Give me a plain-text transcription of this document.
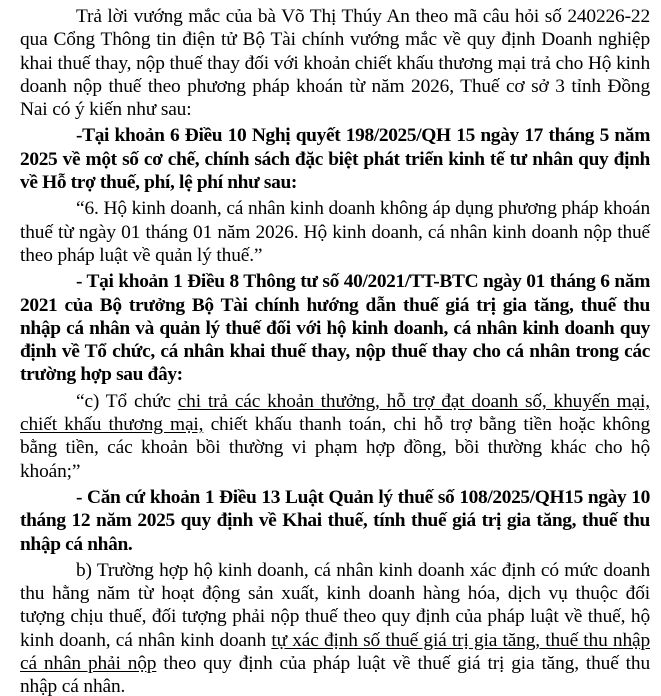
Trả lời vướng mắc của bà Võ Thị Thúy An theo mã câu hỏi số 240226-22 qua Cổng Thông tin điện tử Bộ Tài chính vướng mắc về quy định Doanh nghiệp khai thuế thay, nộp thuế thay đối với khoản chiết khấu thương mại trả cho Hộ kinh doanh nộp thuế theo phương pháp khoán từ năm 2026, Thuế cơ sở 3 tỉnh Đồng Nai có ý kiến như sau:

-Tại khoản 6 Điều 10 Nghị quyết 198/2025/QH 15 ngày 17 tháng 5 năm 2025 về một số cơ chế, chính sách đặc biệt phát triển kinh tế tư nhân quy định về Hỗ trợ thuế, phí, lệ phí như sau:

“6. Hộ kinh doanh, cá nhân kinh doanh không áp dụng phương pháp khoán thuế từ ngày 01 tháng 01 năm 2026. Hộ kinh doanh, cá nhân kinh doanh nộp thuế theo pháp luật về quản lý thuế.”

- Tại khoản 1 Điều 8 Thông tư số 40/2021/TT-BTC ngày 01 tháng 6 năm 2021 của Bộ trưởng Bộ Tài chính hướng dẫn thuế giá trị gia tăng, thuế thu nhập cá nhân và quản lý thuế đối với hộ kinh doanh, cá nhân kinh doanh quy định về Tổ chức, cá nhân khai thuế thay, nộp thuế thay cho cá nhân trong các trường hợp sau đây:

“c) Tổ chức chi trả các khoản thưởng, hỗ trợ đạt doanh số, khuyến mại, chiết khấu thương mại, chiết khấu thanh toán, chi hỗ trợ bằng tiền hoặc không bằng tiền, các khoản bồi thường vi phạm hợp đồng, bồi thường khác cho hộ khoán;”

- Căn cứ khoản 1 Điều 13 Luật Quản lý thuế số 108/2025/QH15 ngày 10 tháng 12 năm 2025 quy định về Khai thuế, tính thuế giá trị gia tăng, thuế thu nhập cá nhân.

b) Trường hợp hộ kinh doanh, cá nhân kinh doanh xác định có mức doanh thu hằng năm từ hoạt động sản xuất, kinh doanh hàng hóa, dịch vụ thuộc đối tượng chịu thuế, đối tượng phải nộp thuế theo quy định của pháp luật về thuế, hộ kinh doanh, cá nhân kinh doanh tự xác định số thuế giá trị gia tăng, thuế thu nhập cá nhân phải nộp theo quy định của pháp luật về thuế giá trị gia tăng, thuế thu nhập cá nhân.
